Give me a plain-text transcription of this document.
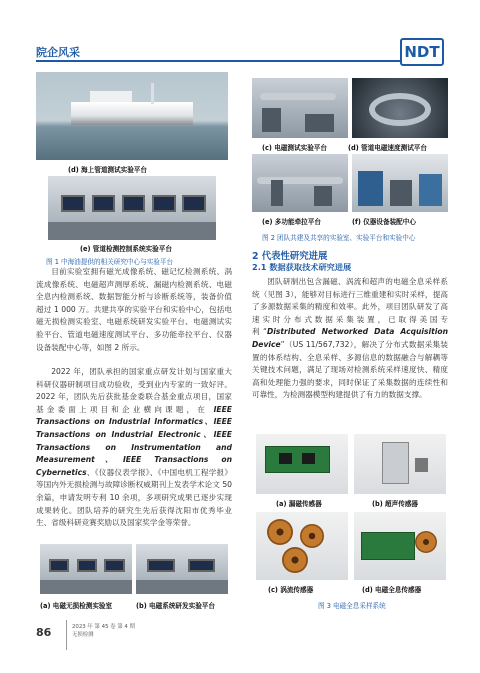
院企风采	NDT
(d) 海上管道测试实验平台
(e) 管道检测控制系统实验平台
图 1 中海油提供的相关研究中心与实验平台
(c) 电磁测试实验平台	(d) 管道电磁速度测试平台
(e) 多功能牵拉平台	(f) 仪器设备装配中心
图 2 团队共建及共享的实验室、实验平台和实验中心
2 代表性研究进展
2.1 数据获取技术研究进展
团队研制出包含漏磁、涡流和超声的电磁全息采样系统（见图 3），能够对目标进行三维重建和实时采样，提高了多源数据采集的精度和效率。此外，项目团队研发了高速实时分布式数据采集装置，已取得美国专利“Distributed Networked Data Acquisition Device”（US 11/567,732），解决了分布式数据采集装置的体系结构、全息采样、多源信息的数据融合与解耦等关键技术问题，满足了现场对检测系统采样速度快、精度高和处理能力强的要求，同时保证了采集数据的连续性和可靠性，为检测器模型构建提供了有力的数据支撑。
目前实验室拥有磁光成像系统、磁记忆检测系统、涡流成像系统、电磁超声测厚系统、漏磁内检测系统、电磁全息内检测系统、数据智能分析与诊断系统等，装备价值超过 1 000 万。共建共享的实验平台和实验中心，包括电磁无损检测实验室、电磁系统研发实验平台、电磁测试实验平台、管道电磁速度测试平台、多功能牵拉平台、仪器设备装配中心等，如图 2 所示。
2022 年，团队承担的国家重点研发计划与国家重大科研仪器研制项目成功验收，受到业内专家的一致好评。2022 年，团队先后获批基金委联合基金重点项目，国家基金委面上项目和企业横向课题，在 IEEE Transactions on Industrial Informatics、IEEE Transactions on Industrial Electronic、IEEE Transactions on Instrumentation and Measurement、IEEE Transactions on Cybernetics、《仪器仪表学报》、《中国电机工程学报》等国内外无损检测与故障诊断权威期刊上发表学术论文 50 余篇，申请发明专利 10 余项，多项研究成果已逐步实现成果转化。团队培养的研究生先后获得沈阳市优秀毕业生、省级科研竞赛奖励以及国家奖学金等荣誉。
(a) 电磁无损检测实验室	(b) 电磁系统研发实验平台
(a) 漏磁传感器	(b) 超声传感器
(c) 涡流传感器	(d) 电磁全息传感器
图 3 电磁全息采样系统
86	2023 年 第 45 卷 第 4 期
无损检测
